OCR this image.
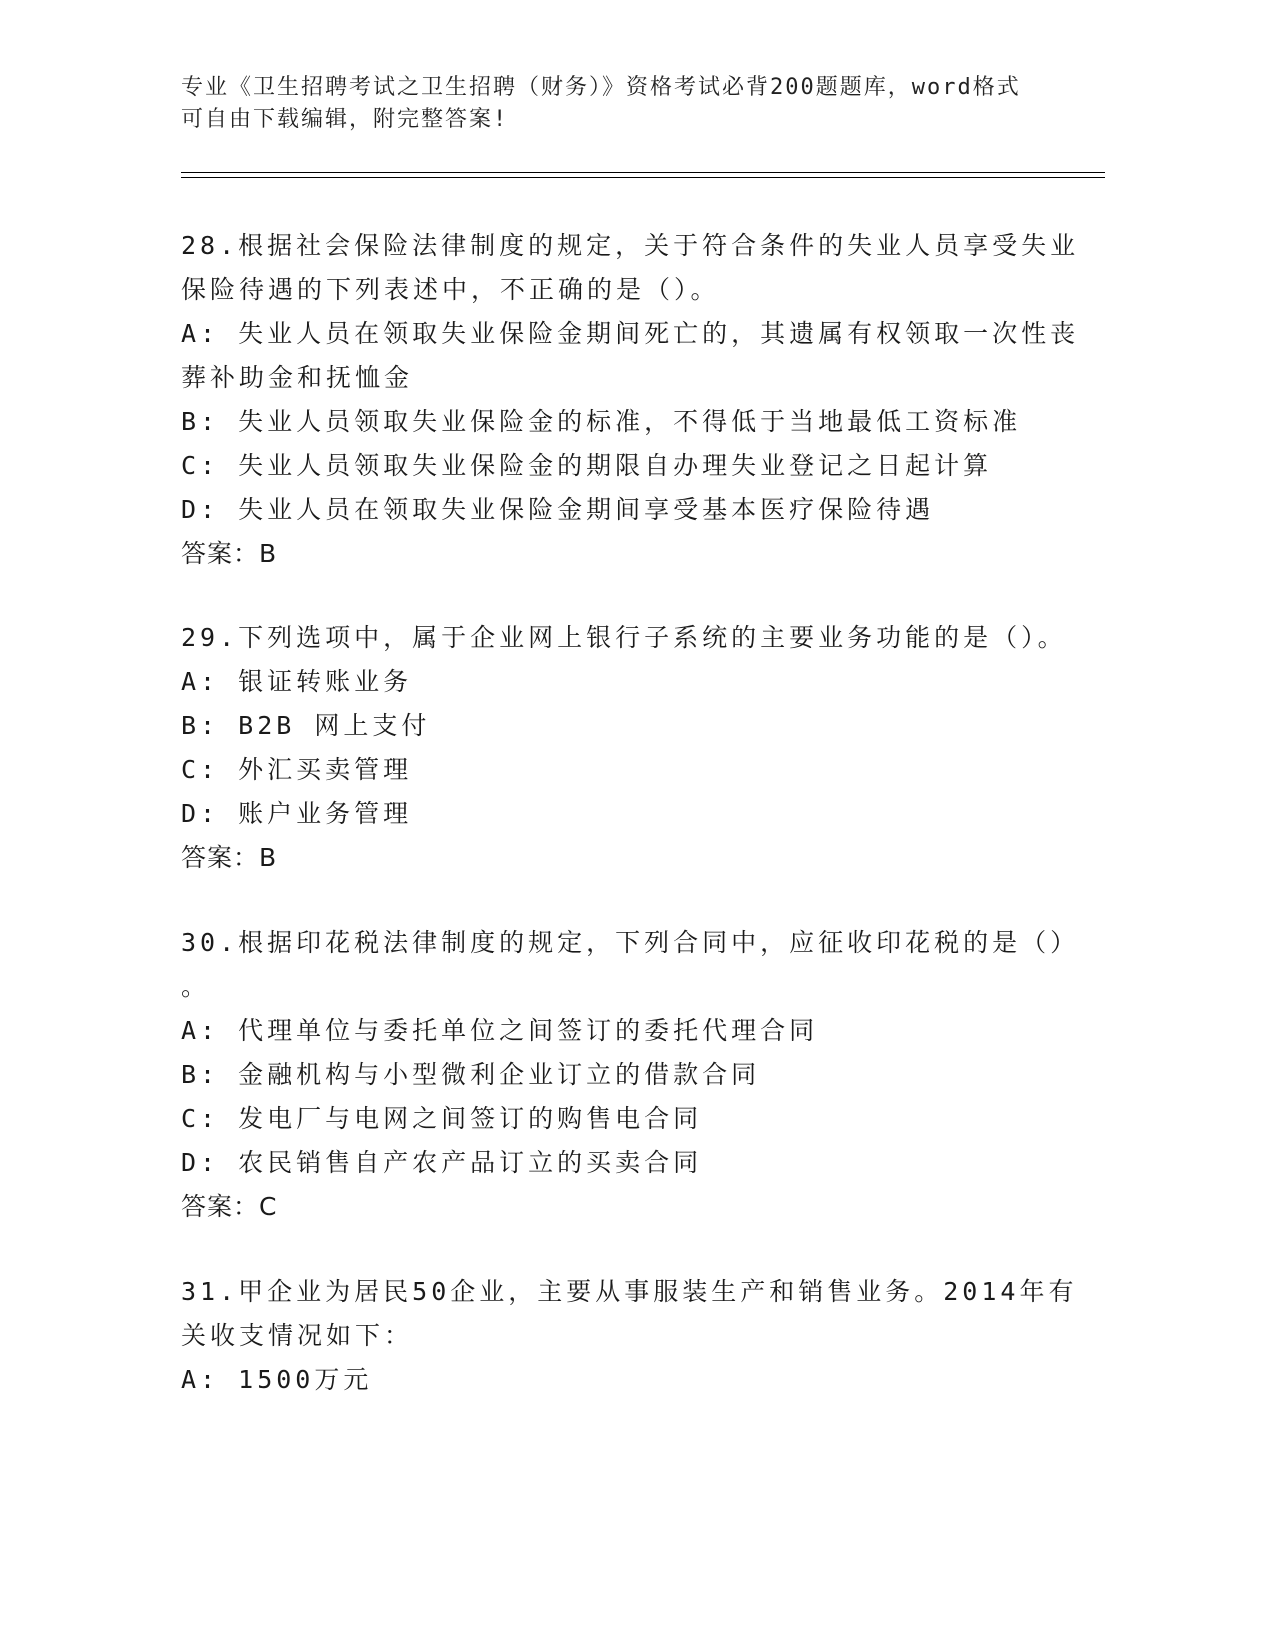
专业《卫生招聘考试之卫生招聘（财务）》资格考试必背200题题库，word格式
可自由下载编辑，附完整答案!
28.根据社会保险法律制度的规定，关于符合条件的失业人员享受失业
保险待遇的下列表述中，不正确的是（）。
A: 失业人员在领取失业保险金期间死亡的，其遗属有权领取一次性丧
葬补助金和抚恤金
B: 失业人员领取失业保险金的标准，不得低于当地最低工资标准
C: 失业人员领取失业保险金的期限自办理失业登记之日起计算
D: 失业人员在领取失业保险金期间享受基本医疗保险待遇
答案：B
29.下列选项中，属于企业网上银行子系统的主要业务功能的是（）。
A: 银证转账业务
B: B2B 网上支付
C: 外汇买卖管理
D: 账户业务管理
答案：B
30.根据印花税法律制度的规定，下列合同中，应征收印花税的是（）
。
A: 代理单位与委托单位之间签订的委托代理合同
B: 金融机构与小型微利企业订立的借款合同
C: 发电厂与电网之间签订的购售电合同
D: 农民销售自产农产品订立的买卖合同
答案：C
31.甲企业为居民50企业，主要从事服装生产和销售业务。2014年有
关收支情况如下：
A: 1500万元
